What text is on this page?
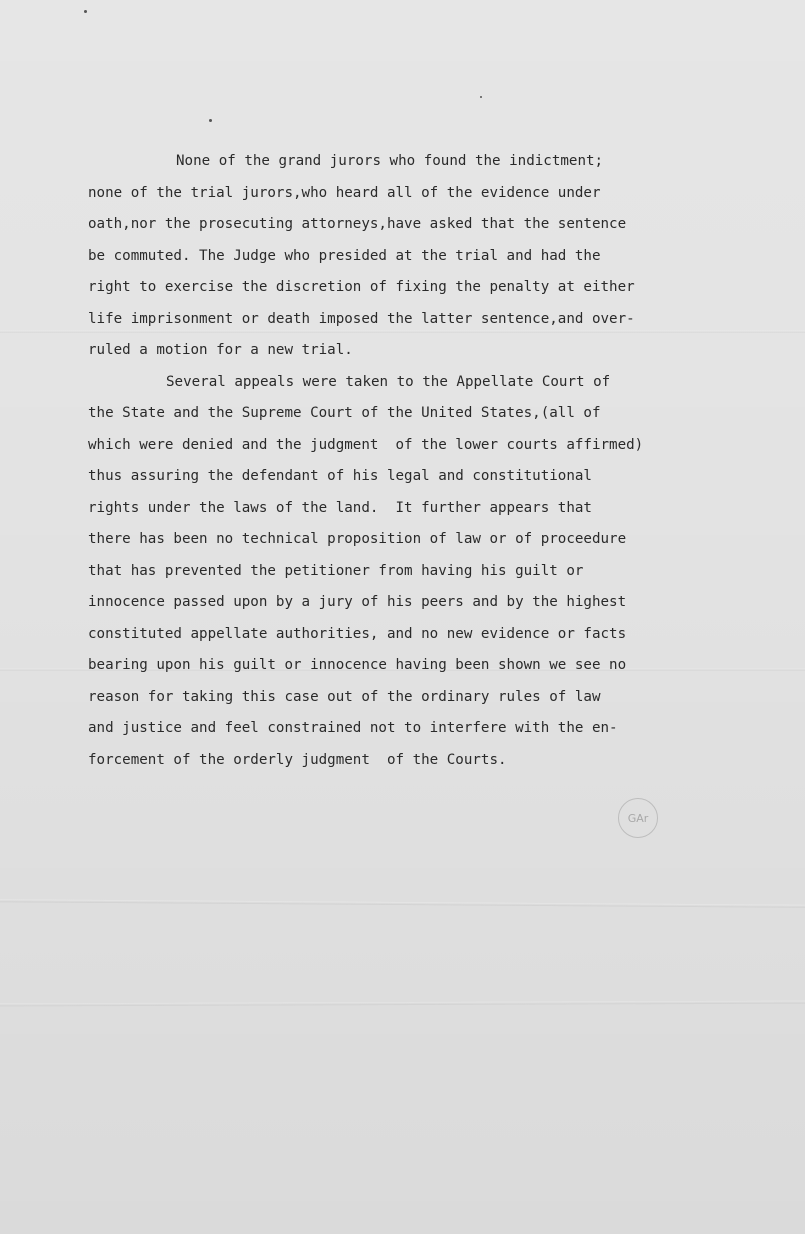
None of the grand jurors who found the indictment;
none of the trial jurors,who heard all of the evidence under
oath,nor the prosecuting attorneys,have asked that the sentence
be commuted. The Judge who presided at the trial and had the
right to exercise the discretion of fixing the penalty at either
life imprisonment or death imposed the latter sentence,and over-
ruled a motion for a new trial.
Several appeals were taken to the Appellate Court of
the State and the Supreme Court of the United States,(all of
which were denied and the judgment  of the lower courts affirmed)
thus assuring the defendant of his legal and constitutional
rights under the laws of the land.  It further appears that
there has been no technical proposition of law or of proceedure
that has prevented the petitioner from having his guilt or
innocence passed upon by a jury of his peers and by the highest
constituted appellate authorities, and no new evidence or facts
bearing upon his guilt or innocence having been shown we see no
reason for taking this case out of the ordinary rules of law
and justice and feel constrained not to interfere with the en-
forcement of the orderly judgment  of the Courts.
GAr
